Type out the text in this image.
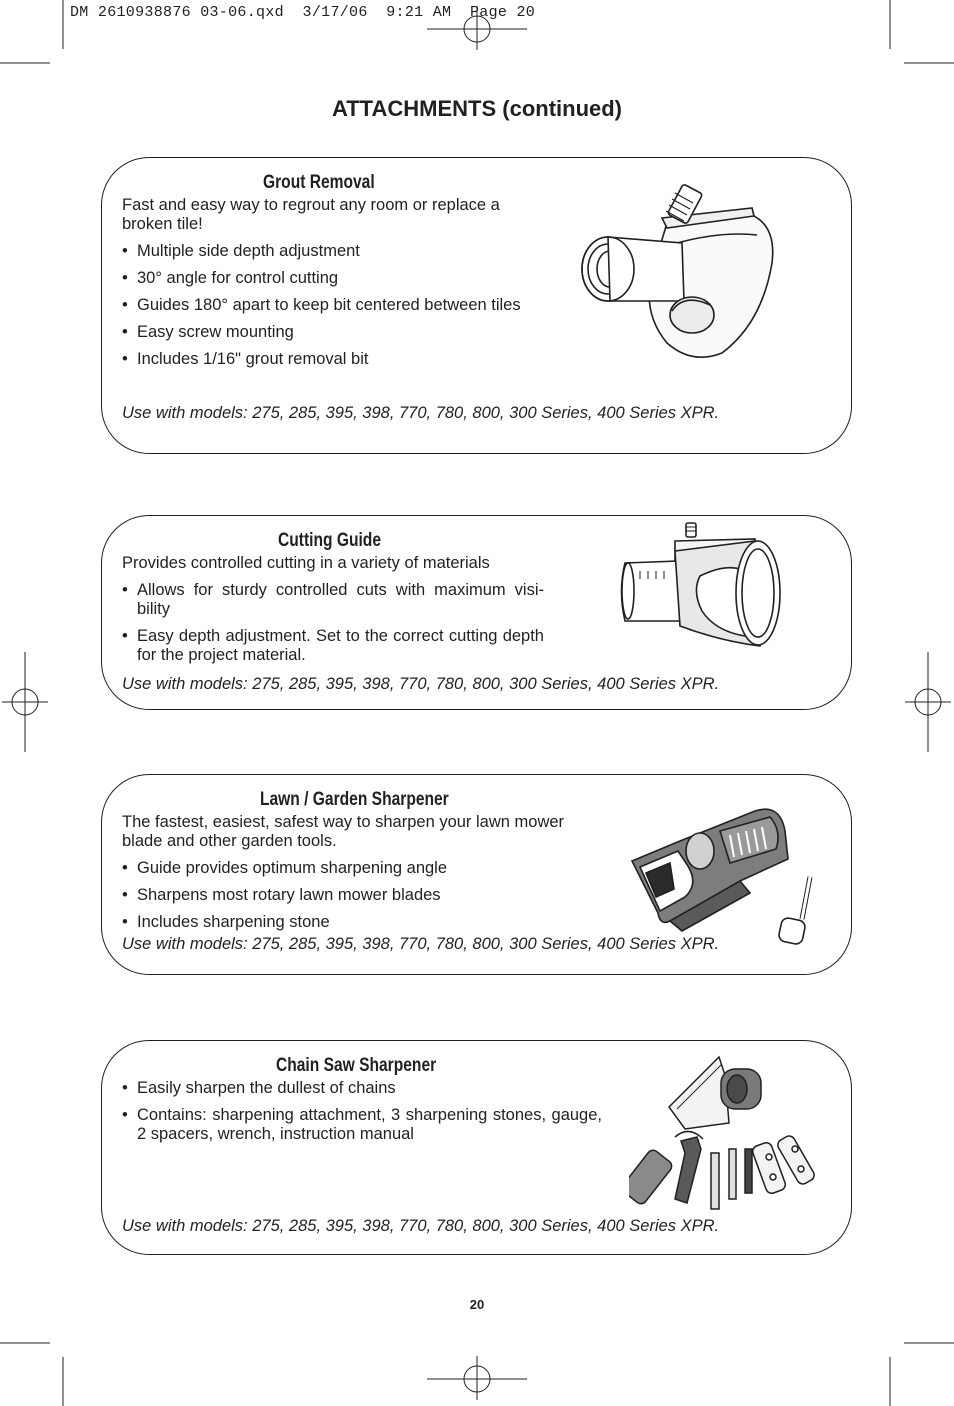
DM 2610938876 03-06.qxd  3/17/06  9:21 AM  Page 20
ATTACHMENTS (continued)
Grout Removal

Fast and easy way to regrout any room or replace a broken tile!

• Multiple side depth adjustment
• 30° angle for control cutting
• Guides 180° apart to keep bit centered between tiles
• Easy screw mounting
• Includes 1/16" grout removal bit
Use with models: 275, 285, 395, 398, 770, 780, 800, 300 Series, 400 Series XPR.
Cutting Guide

Provides controlled cutting in a variety of materials

• Allows for sturdy controlled cuts with maximum visi- bility
• Easy depth adjustment. Set to the correct cutting depth for the project material.
Use with models: 275, 285, 395, 398, 770, 780, 800, 300 Series, 400 Series XPR.
Lawn / Garden Sharpener

The fastest, easiest, safest way to sharpen your lawn mower blade and other garden tools.

• Guide provides optimum sharpening angle
• Sharpens most rotary lawn mower blades
• Includes sharpening stone
Use with models: 275, 285, 395, 398, 770, 780, 800, 300 Series, 400 Series XPR.
Chain Saw Sharpener
• Easily sharpen the dullest of chains
• Contains: sharpening attachment, 3 sharpening stones, gauge, 2 spacers, wrench, instruction manual
Use with models: 275, 285, 395, 398, 770, 780, 800, 300 Series, 400 Series XPR.
20
